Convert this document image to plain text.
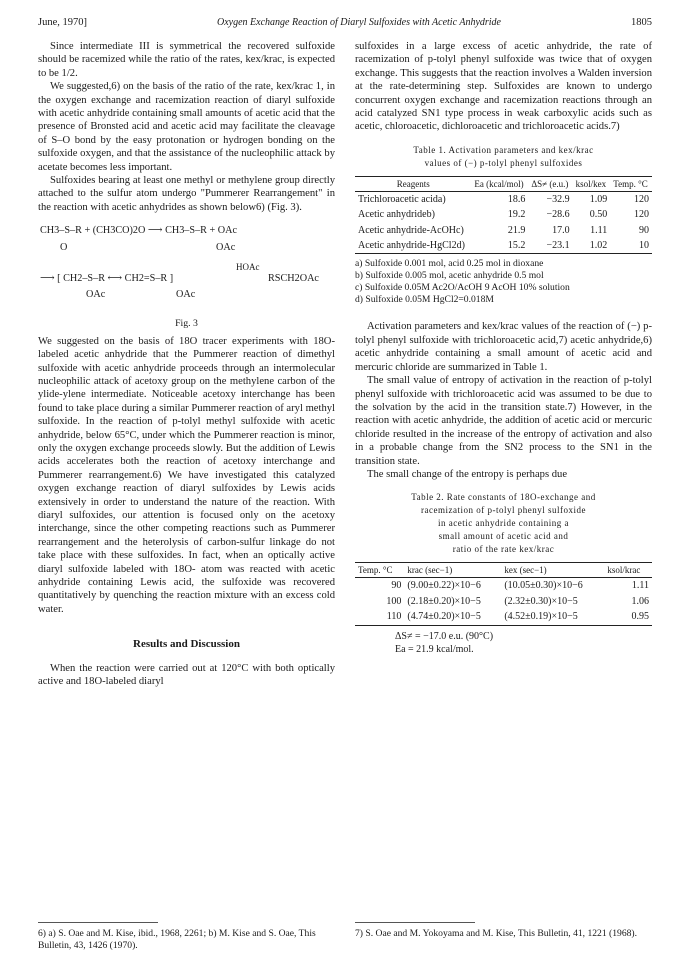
June, 1970]	Oxygen Exchange Reaction of Diaryl Sulfoxides with Acetic Anhydride	1805

Since intermediate III is symmetrical the recovered sulfoxide should be racemized while the ratio of the rates, kex/krac, is expected to be 1/2.

We suggested,6) on the basis of the ratio of the rate, kex/krac 1, in the oxygen exchange and racemization reaction of diaryl sulfoxide with acetic anhydride containing small amounts of acetic acid that the presence of Bronsted acid and acetic acid may facilitate the cleavage of S–O bond by the easy protonation or hydrogen bonding on the sulfoxide oxygen, and that the assistance of the nucleophilic attack by acetate becomes less important.

Sulfoxides bearing at least one methyl or methylene group directly attached to the sulfur atom undergo "Pummerer Rearrangement" in the reaction with acetic anhydrides as shown below6) (Fig. 3).

CH3–S–R + (CH3CO)2O ⟶ CH3–S–R + OAc
O	OAc
⟶ [ CH2–S–R ⟷ CH2=S–R ]
HOAc
RSCH2OAc
OAc	OAc

Fig. 3

We suggested on the basis of 18O tracer experiments with 18O-labeled acetic anhydride that the Pummerer reaction of dimethyl sulfoxide with acetic anhydride proceeds through an intermolecular nucleophilic attack of acetoxy group on the methylene carbon of the ylide-ylene intermediate. Noticeable acetoxy interchange has been found to take place during a similar Pummerer reaction of aryl methyl sulfoxide. In the reaction of p-tolyl methyl sulfoxide with acetic anhydride, below 65°C, under which the Pummerer reaction is minor, only the oxygen exchange proceeds slowly. But the addition of Lewis acids accelerates both the reaction of acetoxy interchange and Pummerer rearrangement.6) We have investigated this catalyzed oxygen exchange reaction of diaryl sulfoxides by Lewis acids extensively in order to understand the nature of the reaction. With diaryl sulfoxides, our attention is focused only on the acetoxy interchange, since the other competing reactions such as Pummerer rearrangement and the heterolysis of carbon-sulfur linkage do not take place with these sulfoxides. In fact, when an optically active diaryl sulfoxide labeled with 18O- atom was reacted with acetic anhydride containing Lewis acid, the sulfoxide was recovered quantitatively by quenching the reaction mixture with an excess cold water.

Results and Discussion

When the reaction were carried out at 120°C with both optically active and 18O-labeled diaryl

sulfoxides in a large excess of acetic anhydride, the rate of racemization of p-tolyl phenyl sulfoxide was twice that of oxygen exchange. This suggests that the reaction involves a Walden inversion at the rate-determining step. Sulfoxides are known to undergo concurrent oxygen exchange and racemization reactions through an acid catalyzed SN1 type process in weak carboxylic acids such as acetic, chloroacetic, dichloroacetic and trichloroacetic acids.7)

Table 1. Activation parameters and kex/krac
values of (−) p-tolyl phenyl sulfoxides

Reagents	Ea (kcal/mol)	ΔS≠ (e.u.)	ksol/kex	Temp. °C
Trichloroacetic acida)	18.6	−32.9	1.09	120
Acetic anhydrideb)	19.2	−28.6	0.50	120
Acetic anhydride-AcOHc)	21.9	17.0	1.11	90
Acetic anhydride-HgCl2d)	15.2	−23.1	1.02	10
a) Sulfoxide 0.001 mol, acid 0.25 mol in dioxane
b) Sulfoxide 0.005 mol, acetic anhydride 0.5 mol
c) Sulfoxide 0.05M Ac2O/AcOH 9 AcOH 10% solution
d) Sulfoxide 0.05M HgCl2=0.018M

Activation parameters and kex/krac values of the reaction of (−) p-tolyl phenyl sulfoxide with trichloroacetic acid,7) acetic anhydride,6) acetic anhydride containing a small amount of acetic acid and mercuric chloride are summarized in Table 1.

The small value of entropy of activation in the reaction of p-tolyl phenyl sulfoxide with trichloroacetic acid was assumed to be due to the solvation by the acid in the transition state.7) However, in the reaction with acetic anhydride, the addition of acetic acid or mercuric chloride resulted in the increase of the entropy of activation and also in a probable change from the SN2 process to the SN1 in the transition state.

The small change of the entropy is perhaps due

Table 2. Rate constants of 18O-exchange and
racemization of p-tolyl phenyl sulfoxide
in acetic anhydride containing a
small amount of acetic acid and
ratio of the rate kex/krac

Temp. °C	krac (sec−1)	kex (sec−1)	ksol/krac
90	(9.00±0.22)×10−6	(10.05±0.30)×10−6	1.11
100	(2.18±0.20)×10−5	(2.32±0.30)×10−5	1.06
110	(4.74±0.20)×10−5	(4.52±0.19)×10−5	0.95
ΔS≠ = −17.0 e.u. (90°C)
Ea = 21.9 kcal/mol.
6) a) S. Oae and M. Kise, ibid., 1968, 2261; b) M. Kise and S. Oae, This Bulletin, 43, 1426 (1970).
7) S. Oae and M. Yokoyama and M. Kise, This Bulletin, 41, 1221 (1968).
